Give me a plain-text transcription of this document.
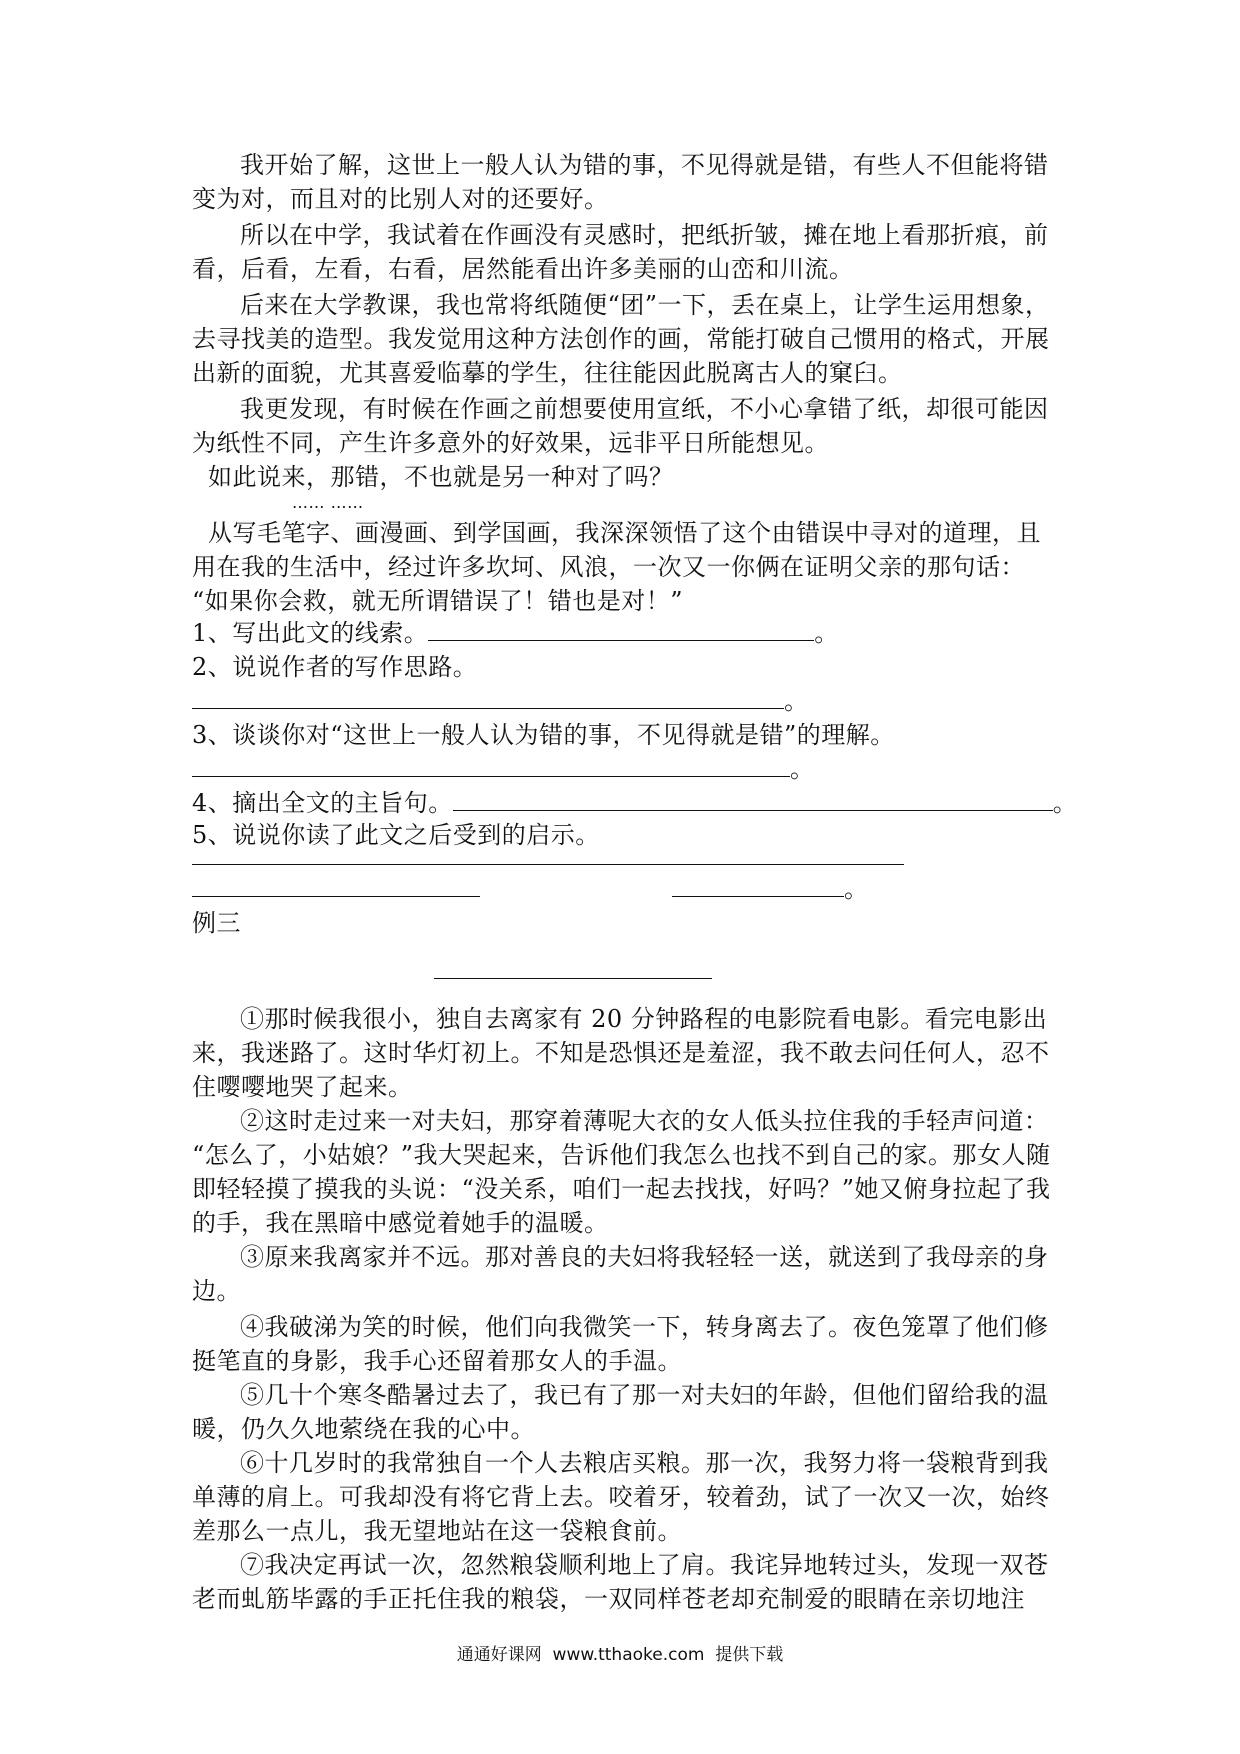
我开始了解，这世上一般人认为错的事，不见得就是错，有些人不但能将错
变为对，而且对的比别人对的还要好。
所以在中学，我试着在作画没有灵感时，把纸折皱，摊在地上看那折痕，前
看，后看，左看，右看，居然能看出许多美丽的山峦和川流。
后来在大学教课，我也常将纸随便“团”一下，丢在桌上，让学生运用想象，
去寻找美的造型。我发觉用这种方法创作的画，常能打破自己惯用的格式，开展
出新的面貌，尤其喜爱临摹的学生，往往能因此脱离古人的窠臼。
我更发现，有时候在作画之前想要使用宣纸，不小心拿错了纸，却很可能因
为纸性不同，产生许多意外的好效果，远非平日所能想见。
如此说来，那错，不也就是另一种对了吗？
…… ……
从写毛笔字、画漫画、到学国画，我深深领悟了这个由错误中寻对的道理，且
用在我的生活中，经过许多坎坷、风浪，一次又一你俩在证明父亲的那句话：
“如果你会救，就无所谓错误了！错也是对！”
1、写出此文的线索。	。
2、说说作者的写作思路。
。
3、谈谈你对“这世上一般人认为错的事，不见得就是错”的理解。
。
4、摘出全文的主旨句。	。
5、说说你读了此文之后受到的启示。
。
例三
①那时候我很小，独自去离家有 20 分钟路程的电影院看电影。看完电影出
来，我迷路了。这时华灯初上。不知是恐惧还是羞涩，我不敢去问任何人，忍不
住嘤嘤地哭了起来。
②这时走过来一对夫妇，那穿着薄呢大衣的女人低头拉住我的手轻声问道：
“怎么了，小姑娘？”我大哭起来，告诉他们我怎么也找不到自己的家。那女人随
即轻轻摸了摸我的头说：“没关系，咱们一起去找找，好吗？”她又俯身拉起了我
的手，我在黑暗中感觉着她手的温暖。
③原来我离家并不远。那对善良的夫妇将我轻轻一送，就送到了我母亲的身
边。
④我破涕为笑的时候，他们向我微笑一下，转身离去了。夜色笼罩了他们修
挺笔直的身影，我手心还留着那女人的手温。
⑤几十个寒冬酷暑过去了，我已有了那一对夫妇的年龄，但他们留给我的温
暖，仍久久地萦绕在我的心中。
⑥十几岁时的我常独自一个人去粮店买粮。那一次，我努力将一袋粮背到我
单薄的肩上。可我却没有将它背上去。咬着牙，较着劲，试了一次又一次，始终
差那么一点儿，我无望地站在这一袋粮食前。
⑦我决定再试一次，忽然粮袋顺利地上了肩。我诧异地转过头，发现一双苍
老而虬筋毕露的手正托住我的粮袋，一双同样苍老却充制爱的眼睛在亲切地注
通通好课网 www.tthaoke.com 提供下载
